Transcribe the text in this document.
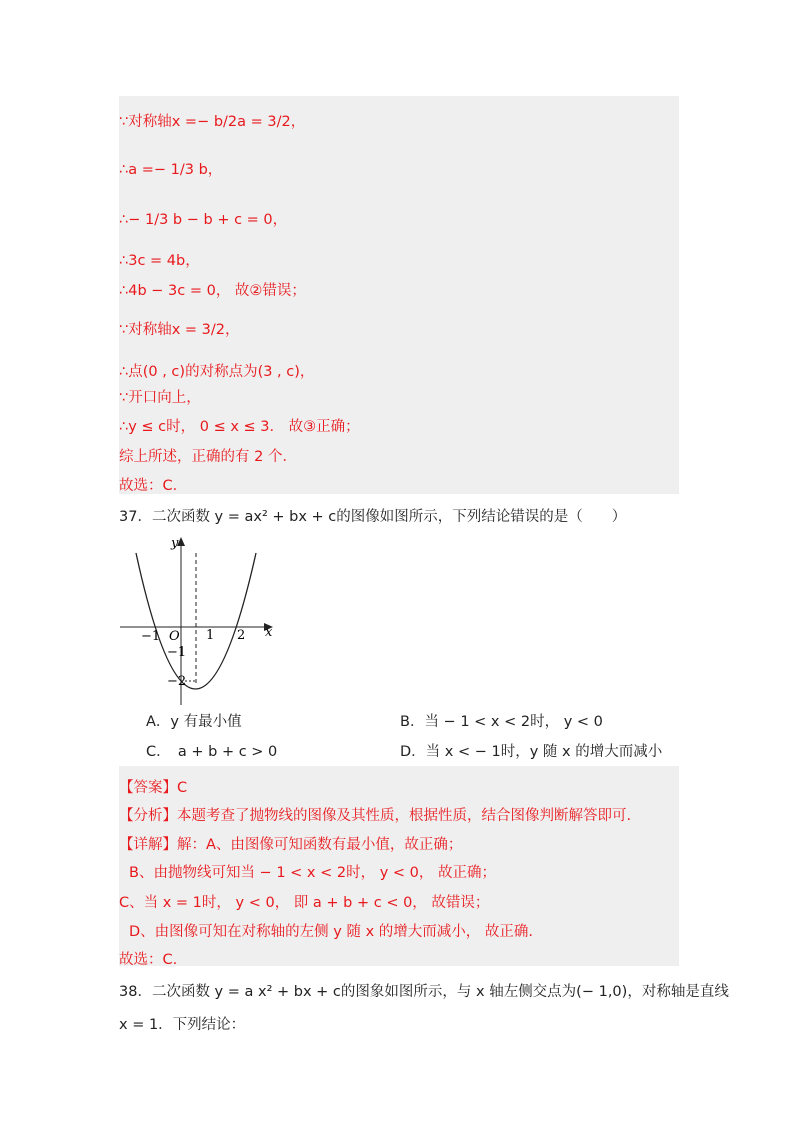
∵对称轴x =− b/2a = 3/2，
∴a =− 1/3 b，
∴− 1/3 b − b + c = 0，
∴3c = 4b，
∴4b − 3c = 0， 故②错误；
∵对称轴x = 3/2，
∴点(0 , c)的对称点为(3 , c)，
∵开口向上，
∴y ≤ c时， 0 ≤ x ≤ 3． 故③正确；
综上所述，正确的有 2 个．
故选：C．
37．二次函数 y = ax² + bx + c的图像如图所示，下列结论错误的是（　　）
y
x
O
−1	1 2
−1
−2
A．y 有最小值	B．当 − 1 < x < 2时， y < 0
C．　a + b + c > 0	D．当 x < − 1时，y 随 x 的增大而减小
【答案】C
【分析】本题考查了抛物线的图像及其性质，根据性质，结合图像判断解答即可.
【详解】解：A、由图像可知函数有最小值，故正确；
B、由抛物线可知当 − 1 < x < 2时， y < 0， 故正确；
C、当 x = 1时， y < 0， 即 a + b + c < 0， 故错误；
D、由图像可知在对称轴的左侧 y 随 x 的增大而减小， 故正确.
故选：C.
38．二次函数 y = a x² + bx + c的图象如图所示，与 x 轴左侧交点为(− 1,0)，对称轴是直线
x = 1．下列结论：
